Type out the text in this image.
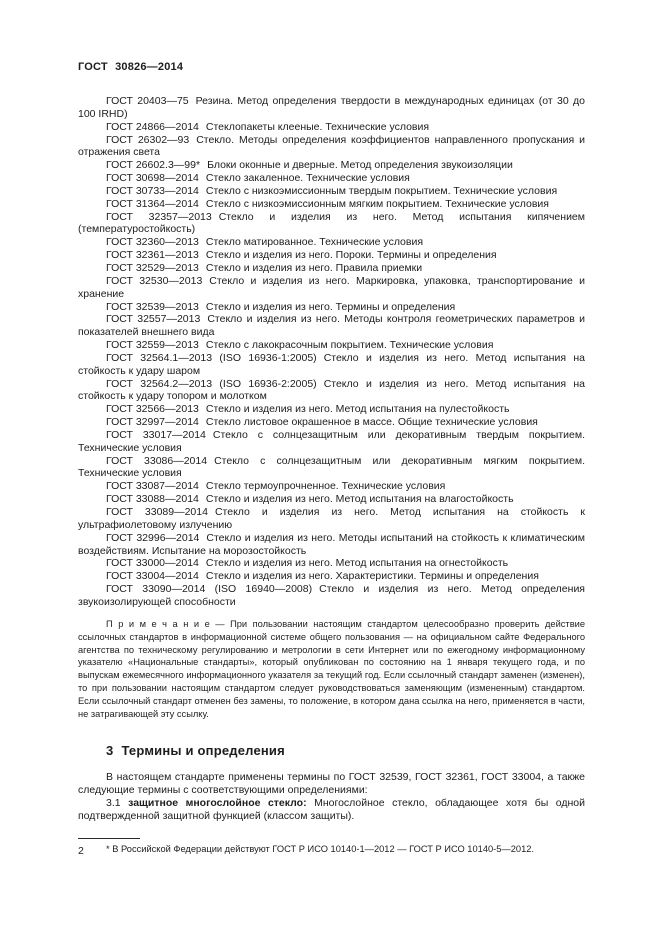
ГОСТ 30826—2014

ГОСТ 20403—75 Резина. Метод определения твердости в международных единицах (от 30 до 100 IRHD)

ГОСТ 24866—2014 Стеклопакеты клееные. Технические условия

ГОСТ 26302—93 Стекло. Методы определения коэффициентов направленного пропускания и отражения света

ГОСТ 26602.3—99* Блоки оконные и дверные. Метод определения звукоизоляции

ГОСТ 30698—2014 Стекло закаленное. Технические условия

ГОСТ 30733—2014 Стекло с низкоэмиссионным твердым покрытием. Технические условия

ГОСТ 31364—2014 Стекло с низкоэмиссионным мягким покрытием. Технические условия

ГОСТ 32357—2013 Стекло и изделия из него. Метод испытания кипячением (температуростойкость)

ГОСТ 32360—2013 Стекло матированное. Технические условия

ГОСТ 32361—2013 Стекло и изделия из него. Пороки. Термины и определения

ГОСТ 32529—2013 Стекло и изделия из него. Правила приемки

ГОСТ 32530—2013 Стекло и изделия из него. Маркировка, упаковка, транспортирование и хранение

ГОСТ 32539—2013 Стекло и изделия из него. Термины и определения

ГОСТ 32557—2013 Стекло и изделия из него. Методы контроля геометрических параметров и показателей внешнего вида

ГОСТ 32559—2013 Стекло с лакокрасочным покрытием. Технические условия

ГОСТ 32564.1—2013 (ISO 16936-1:2005) Стекло и изделия из него. Метод испытания на стойкость к удару шаром

ГОСТ 32564.2—2013 (ISO 16936-2:2005) Стекло и изделия из него. Метод испытания на стойкость к удару топором и молотком

ГОСТ 32566—2013 Стекло и изделия из него. Метод испытания на пулестойкость

ГОСТ 32997—2014 Стекло листовое окрашенное в массе. Общие технические условия

ГОСТ 33017—2014 Стекло с солнцезащитным или декоративным твердым покрытием. Технические условия

ГОСТ 33086—2014 Стекло с солнцезащитным или декоративным мягким покрытием. Технические условия

ГОСТ 33087—2014 Стекло термоупрочненное. Технические условия

ГОСТ 33088—2014 Стекло и изделия из него. Метод испытания на влагостойкость

ГОСТ 33089—2014 Стекло и изделия из него. Метод испытания на стойкость к ультрафиолетовому излучению

ГОСТ 32996—2014 Стекло и изделия из него. Методы испытаний на стойкость к климатическим воздействиям. Испытание на морозостойкость

ГОСТ 33000—2014 Стекло и изделия из него. Метод испытания на огнестойкость

ГОСТ 33004—2014 Стекло и изделия из него. Характеристики. Термины и определения

ГОСТ 33090—2014 (ISO 16940—2008) Стекло и изделия из него. Метод определения звукоизолирующей способности

П р и м е ч а н и е — При пользовании настоящим стандартом целесообразно проверить действие ссылочных стандартов в информационной системе общего пользования — на официальном сайте Федерального агентства по техническому регулированию и метрологии в сети Интернет или по ежегодному информационному указателю «Национальные стандарты», который опубликован по состоянию на 1 января текущего года, и по выпускам ежемесячного информационного указателя за текущий год. Если ссылочный стандарт заменен (изменен), то при пользовании настоящим стандартом следует руководствоваться заменяющим (измененным) стандартом. Если ссылочный стандарт отменен без замены, то положение, в котором дана ссылка на него, применяется в части, не затрагивающей эту ссылку.

3 Термины и определения

В настоящем стандарте применены термины по ГОСТ 32539, ГОСТ 32361, ГОСТ 33004, а также следующие термины с соответствующими определениями:

3.1 защитное многослойное стекло: Многослойное стекло, обладающее хотя бы одной подтвержденной защитной функцией (классом защиты).

* В Российской Федерации действуют ГОСТ Р ИСО 10140-1—2012 — ГОСТ Р ИСО 10140-5—2012.

2
